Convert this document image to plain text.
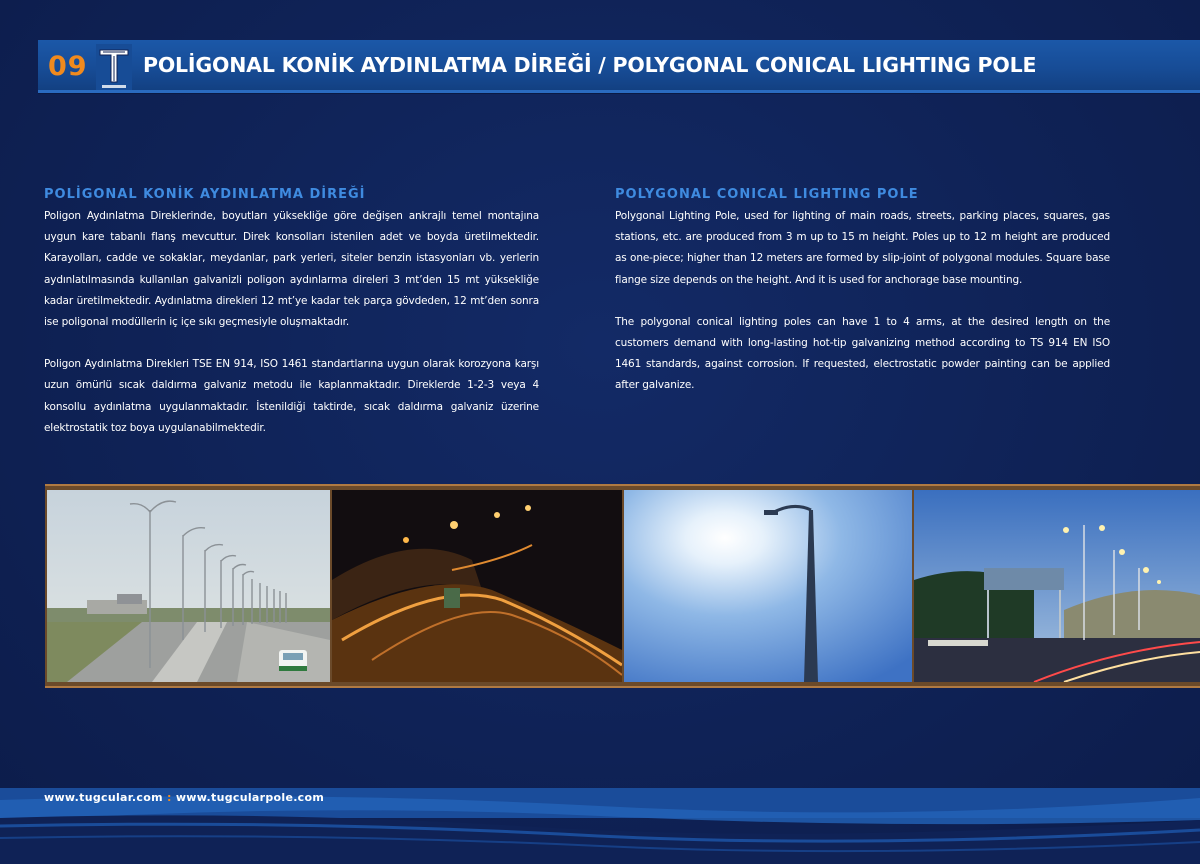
09	POLİGONAL KONİK AYDINLATMA DİREĞİ / POLYGONAL CONICAL LIGHTING POLE
POLİGONAL KONİK AYDINLATMA DİREĞİ

Poligon Aydınlatma Direklerinde, boyutları yüksekliğe göre değişen ankrajlı temel montajına uygun kare tabanlı flanş mevcuttur. Direk konsolları istenilen adet ve boyda üretilmektedir. Karayolları, cadde ve sokaklar, meydanlar, park yerleri, siteler benzin istasyonları vb. yerlerin aydınlatılmasında kullanılan galvanizli poligon aydınlarma direleri 3 mt’den 15 mt yüksekliğe kadar üretilmektedir. Aydınlatma direkleri 12 mt’ye kadar tek parça gövdeden, 12 mt’den sonra ise poligonal modüllerin iç içe sıkı geçmesiyle oluşmaktadır.

Poligon Aydınlatma Direkleri TSE EN 914, ISO 1461 standartlarına uygun olarak korozyona karşı uzun ömürlü sıcak daldırma galvaniz metodu ile kaplanmaktadır. Direklerde 1-2-3 veya 4 konsollu aydınlatma uygulanmaktadır. İstenildiği taktirde, sıcak daldırma galvaniz üzerine elektrostatik toz boya uygulanabilmektedir.

POLYGONAL CONICAL LIGHTING POLE

Polygonal Lighting Pole, used for lighting of main roads, streets, parking places, squares, gas stations, etc. are produced from 3 m up to 15 m height. Poles up to 12 m height are produced as one-piece; higher than 12 meters are formed by slip-joint of polygonal modules. Square base flange size depends on the height. And it is used for anchorage base mounting.

The polygonal conical lighting poles can have 1 to 4 arms, at the desired length on the customers demand with long-lasting hot-tip galvanizing method according to TS 914 EN ISO 1461 standards, against corrosion. If requested, electrostatic powder painting can be applied after galvanize.

www.tugcular.com : www.tugcularpole.com
